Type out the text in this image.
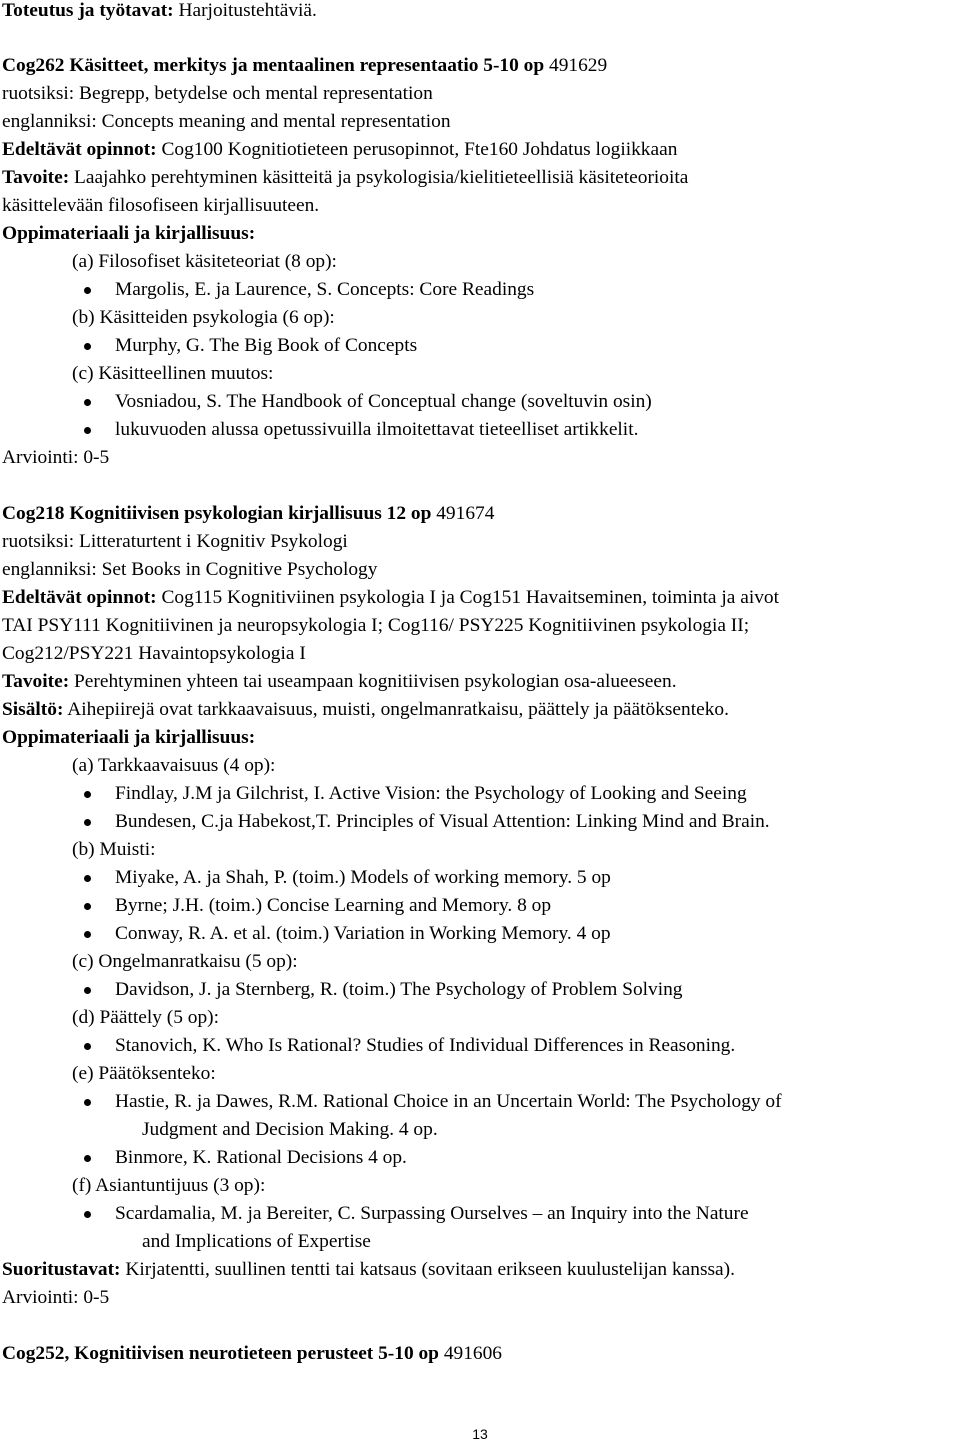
Toteutus ja työtavat: Harjoitustehtäviä.
Cog262 Käsitteet, merkitys ja mentaalinen representaatio 5-10 op 491629
ruotsiksi: Begrepp, betydelse och mental representation
englanniksi: Concepts meaning and mental representation
Edeltävät opinnot: Cog100 Kognitiotieteen perusopinnot, Fte160 Johdatus logiikkaan
Tavoite: Laajahko perehtyminen käsitteitä ja psykologisia/kielitieteellisiä käsiteteorioita
käsittelevään filosofiseen kirjallisuuteen.
Oppimateriaali ja kirjallisuus:
(a) Filosofiset käsiteteoriat (8 op):
Margolis, E. ja Laurence, S. Concepts: Core Readings
(b) Käsitteiden psykologia (6 op):
Murphy, G. The Big Book of Concepts
(c) Käsitteellinen muutos:
Vosniadou, S. The Handbook of Conceptual change (soveltuvin osin)
lukuvuoden alussa opetussivuilla ilmoitettavat tieteelliset artikkelit.
Arviointi: 0-5
Cog218 Kognitiivisen psykologian kirjallisuus 12 op 491674
ruotsiksi: Litteraturtent i Kognitiv Psykologi
englanniksi: Set Books in Cognitive Psychology
Edeltävät opinnot: Cog115 Kognitiviinen psykologia I ja Cog151 Havaitseminen, toiminta ja aivot
TAI PSY111 Kognitiivinen ja neuropsykologia I; Cog116/ PSY225 Kognitiivinen psykologia II;
Cog212/PSY221 Havaintopsykologia I
Tavoite: Perehtyminen yhteen tai useampaan kognitiivisen psykologian osa-alueeseen.
Sisältö: Aihepiirejä ovat tarkkaavaisuus, muisti, ongelmanratkaisu, päättely ja päätöksenteko.
Oppimateriaali ja kirjallisuus:
(a) Tarkkaavaisuus (4 op):
Findlay, J.M ja Gilchrist, I. Active Vision: the Psychology of Looking and Seeing
Bundesen, C.ja Habekost,T. Principles of Visual Attention: Linking Mind and Brain.
(b) Muisti:
Miyake, A. ja Shah, P. (toim.) Models of working memory. 5 op
Byrne; J.H. (toim.) Concise Learning and Memory. 8 op
Conway, R. A. et al. (toim.) Variation in Working Memory. 4 op
(c) Ongelmanratkaisu (5 op):
Davidson, J. ja Sternberg, R. (toim.) The Psychology of Problem Solving
(d) Päättely (5 op):
Stanovich, K. Who Is Rational? Studies of Individual Differences in Reasoning.
(e) Päätöksenteko:
Hastie, R. ja Dawes, R.M. Rational Choice in an Uncertain World: The Psychology of
Judgment and Decision Making. 4 op.
Binmore, K. Rational Decisions 4 op.
(f) Asiantuntijuus (3 op):
Scardamalia, M. ja Bereiter, C. Surpassing Ourselves – an Inquiry into the Nature
and Implications of Expertise
Suoritustavat: Kirjatentti, suullinen tentti tai katsaus (sovitaan erikseen kuulustelijan kanssa).
Arviointi: 0-5
Cog252, Kognitiivisen neurotieteen perusteet 5-10 op 491606
13
